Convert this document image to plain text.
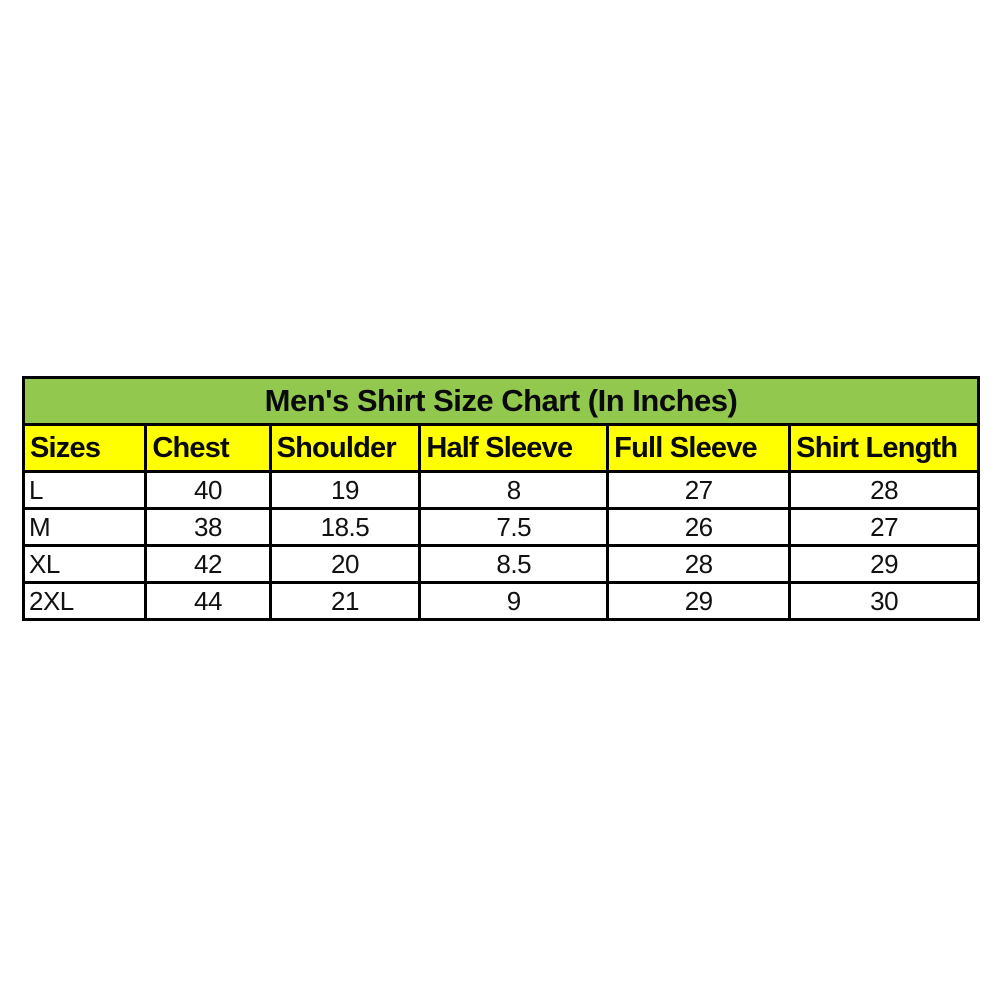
Men's Shirt Size Chart (In Inches)
Sizes	Chest	Shoulder	Half Sleeve	Full Sleeve	Shirt Length
L	40	19	8	27	28
M	38	18.5	7.5	26	27
XL	42	20	8.5	28	29
2XL	44	21	9	29	30
